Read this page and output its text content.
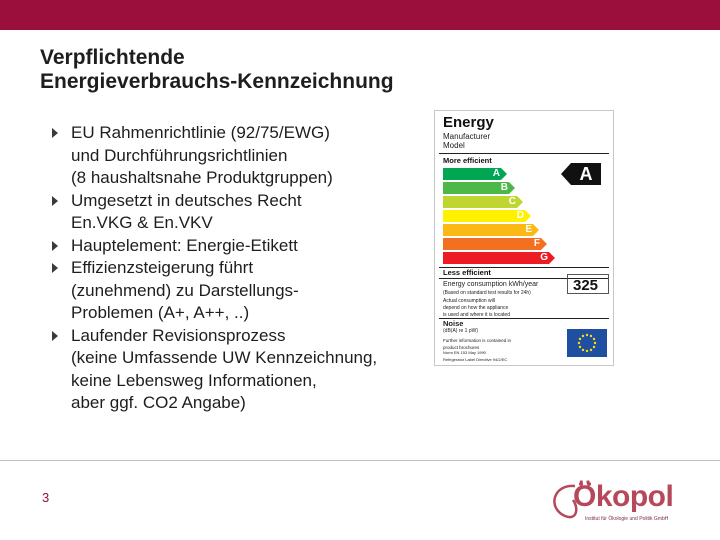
Verpflichtende
Energieverbrauchs-Kennzeichnung
EU Rahmenrichtlinie (92/75/EWG)
und Durchführungsrichtlinien
(8 haushaltsnahe Produktgruppen)
Umgesetzt in deutsches Recht
En.VKG & En.VKV
Hauptelement: Energie-Etikett
Effizienzsteigerung führt
(zunehmend) zu Darstellungs-
Problemen (A+, A++, ..)
Laufender Revisionsprozess
(keine Umfassende UW Kennzeichnung,
keine Lebensweg Informationen,
aber ggf. CO2 Angabe)
Energy
Manufacturer
Model
More efficient
A
B
C
D
E
F
G
A
Less efficient
Energy consumption kWh/year
(Based on standard test results for 24h)	325
Actual consumption will
depend on how the appliance
is used and where it is located
Noise
(dB(A) re 1 pW)
Further information is contained in
product brochures
Norm EN 153 May 1990
Refrigerator Label Directive 94/2/EC
3	Ökopol
Institut für Ökologie und Politik GmbH
